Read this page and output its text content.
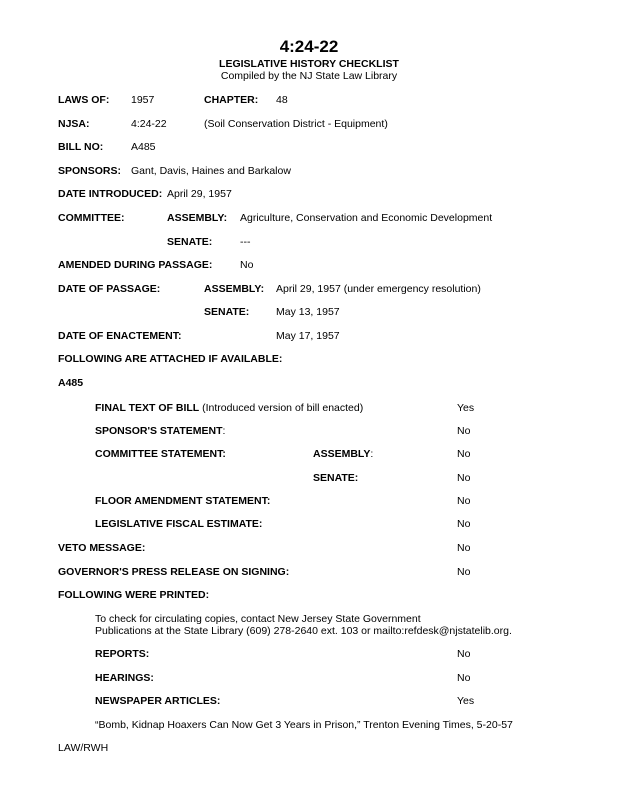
4:24-22
LEGISLATIVE HISTORY CHECKLIST
Compiled by the NJ State Law Library
LAWS OF: 1957	CHAPTER: 48
NJSA:	4:24-22	(Soil Conservation District - Equipment)
BILL NO:	A485
SPONSORS: Gant, Davis, Haines and Barkalow
DATE INTRODUCED: April 29, 1957
COMMITTEE:	ASSEMBLY: Agriculture, Conservation and Economic Development
SENATE:	---
AMENDED DURING PASSAGE:	No
DATE OF PASSAGE:	ASSEMBLY: April 29, 1957 (under emergency resolution)
SENATE:	May 13, 1957
DATE OF ENACTEMENT:	May 17, 1957
FOLLOWING ARE ATTACHED IF AVAILABLE:
A485
FINAL TEXT OF BILL (Introduced version of bill enacted)	Yes
SPONSOR'S STATEMENT:	No
COMMITTEE STATEMENT:	ASSEMBLY:	No
SENATE:	No
FLOOR AMENDMENT STATEMENT:	No
LEGISLATIVE FISCAL ESTIMATE:	No
VETO MESSAGE:	No
GOVERNOR'S PRESS RELEASE ON SIGNING:	No
FOLLOWING WERE PRINTED:
To check for circulating copies, contact New Jersey State Government
Publications at the State Library (609) 278-2640 ext. 103 or mailto:refdesk@njstatelib.org.
REPORTS:	No
HEARINGS:	No
NEWSPAPER ARTICLES:	Yes
“Bomb, Kidnap Hoaxers Can Now Get 3 Years in Prison,” Trenton Evening Times, 5-20-57
LAW/RWH
